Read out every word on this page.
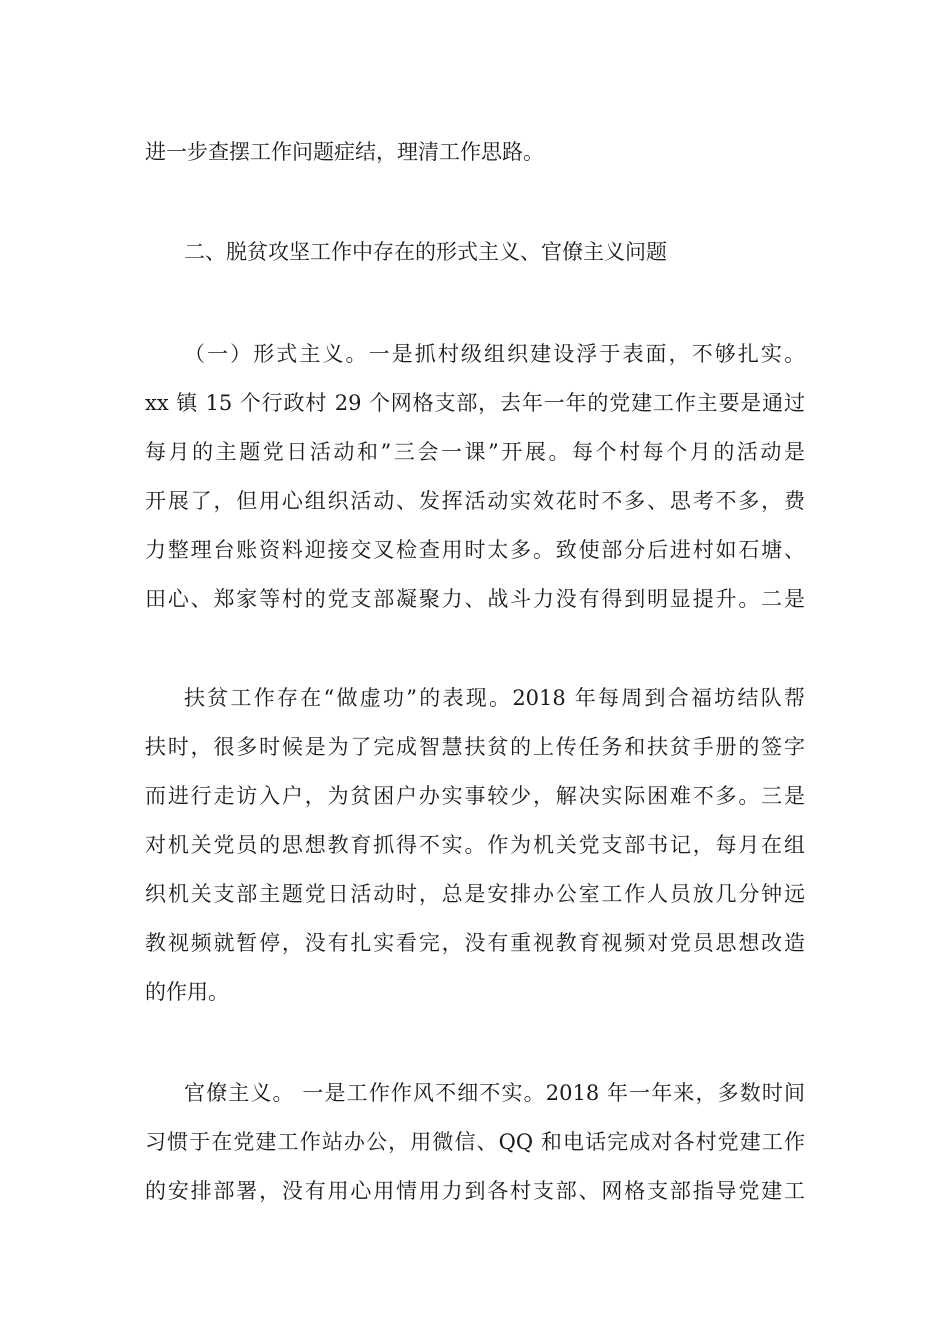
进一步查摆工作问题症结，理清工作思路。
二、脱贫攻坚工作中存在的形式主义、官僚主义问题
（一）形式主义。一是抓村级组织建设浮于表面，不够扎实。
xx 镇 15 个行政村 29 个网格支部，去年一年的党建工作主要是通过
每月的主题党日活动和”三会一课”开展。每个村每个月的活动是
开展了，但用心组织活动、发挥活动实效花时不多、思考不多，费
力整理台账资料迎接交叉检查用时太多。致使部分后进村如石塘、
田心、郑家等村的党支部凝聚力、战斗力没有得到明显提升。二是
扶贫工作存在“做虚功”的表现。2018 年每周到合福坊结队帮
扶时，很多时候是为了完成智慧扶贫的上传任务和扶贫手册的签字
而进行走访入户，为贫困户办实事较少，解决实际困难不多。三是
对机关党员的思想教育抓得不实。作为机关党支部书记，每月在组
织机关支部主题党日活动时，总是安排办公室工作人员放几分钟远
教视频就暂停，没有扎实看完，没有重视教育视频对党员思想改造
的作用。
官僚主义。 一是工作作风不细不实。2018 年一年来，多数时间
习惯于在党建工作站办公，用微信、QQ 和电话完成对各村党建工作
的安排部署，没有用心用情用力到各村支部、网格支部指导党建工
